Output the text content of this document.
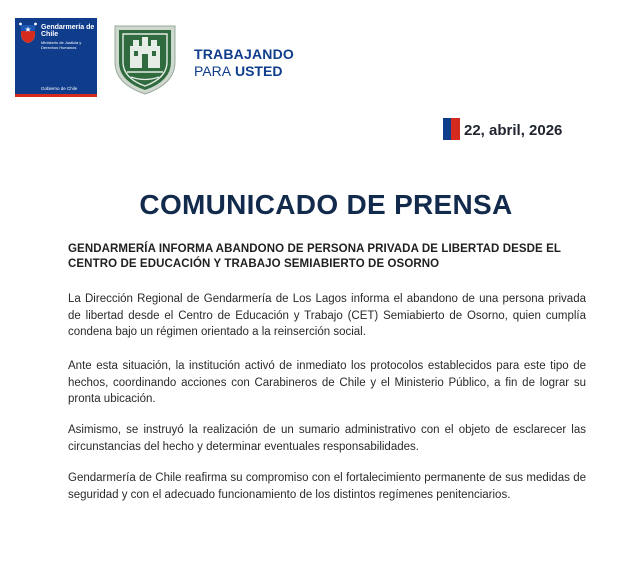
Gendarmería de Chile
Ministerio de Justicia y Derechos Humanos
Gobierno de Chile
TRABAJANDO
PARA USTED
22, abril, 2026
COMUNICADO DE PRENSA
GENDARMERÍA INFORMA ABANDONO DE PERSONA PRIVADA DE LIBERTAD DESDE EL CENTRO DE EDUCACIÓN Y TRABAJO SEMIABIERTO DE OSORNO
La Dirección Regional de Gendarmería de Los Lagos informa el abandono de una persona privada de libertad desde el Centro de Educación y Trabajo (CET) Semiabierto de Osorno, quien cumplía condena bajo un régimen orientado a la reinserción social.
Ante esta situación, la institución activó de inmediato los protocolos establecidos para este tipo de hechos, coordinando acciones con Carabineros de Chile y el Ministerio Público, a fin de lograr su pronta ubicación.
Asimismo, se instruyó la realización de un sumario administrativo con el objeto de esclarecer las circunstancias del hecho y determinar eventuales responsabilidades.
Gendarmería de Chile reafirma su compromiso con el fortalecimiento permanente de sus medidas de seguridad y con el adecuado funcionamiento de los distintos regímenes penitenciarios.
